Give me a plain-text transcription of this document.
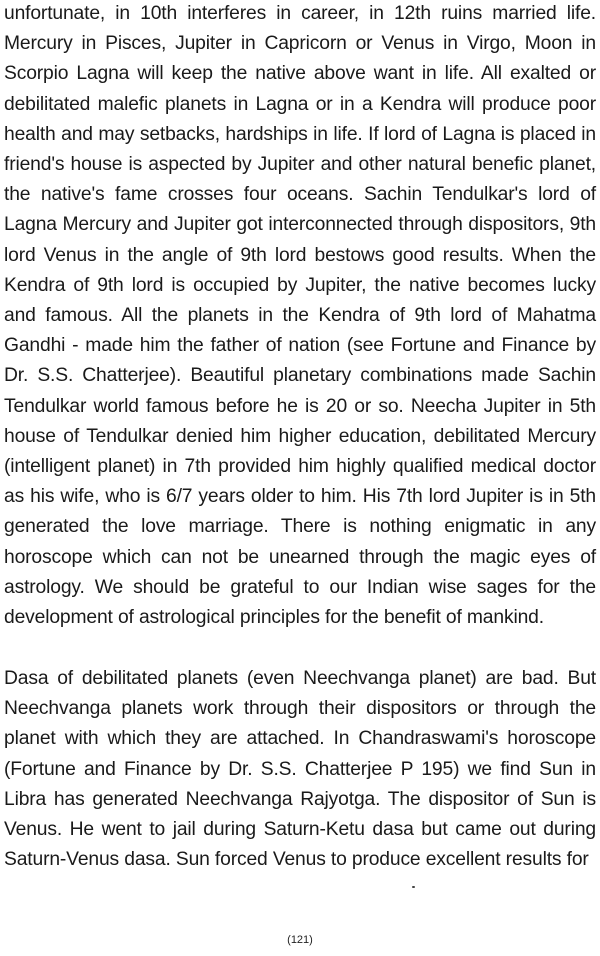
unfortunate, in 10th interferes in career, in 12th ruins married life. Mercury in Pisces, Jupiter in Capricorn or Venus in Virgo, Moon in Scorpio Lagna will keep the native above want in life. All exalted or debilitated malefic planets in Lagna or in a Kendra will produce poor health and may setbacks, hardships in life. If lord of Lagna is placed in friend's house is aspected by Jupiter and other natural benefic planet, the native's fame crosses four oceans. Sachin Tendulkar's lord of Lagna Mercury and Jupiter got interconnected through dispositors, 9th lord Venus in the angle of 9th lord bestows good results. When the Kendra of 9th lord is occupied by Jupiter, the native becomes lucky and famous. All the planets in the Kendra of 9th lord of Mahatma Gandhi - made him the father of nation (see Fortune and Finance by Dr. S.S. Chatterjee). Beautiful planetary combinations made Sachin Tendulkar world famous before he is 20 or so. Neecha Jupiter in 5th house of Tendulkar denied him higher education, debilitated Mercury (intelligent planet) in 7th provided him highly qualified medical doctor as his wife, who is 6/7 years older to him. His 7th lord Jupiter is in 5th generated the love marriage. There is nothing enigmatic in any horoscope which can not be unearned through the magic eyes of astrology. We should be grateful to our Indian wise sages for the development of astrological principles for the benefit of mankind.

Dasa of debilitated planets (even Neechvanga planet) are bad. But Neechvanga planets work through their dispositors or through the planet with which they are attached. In Chandraswami's horoscope (Fortune and Finance by Dr. S.S. Chatterjee P 195) we find Sun in Libra has generated Neechvanga Rajyotga. The dispositor of Sun is Venus. He went to jail during Saturn-Ketu dasa but came out during Saturn-Venus dasa. Sun forced Venus to produce excellent results for

(121)
